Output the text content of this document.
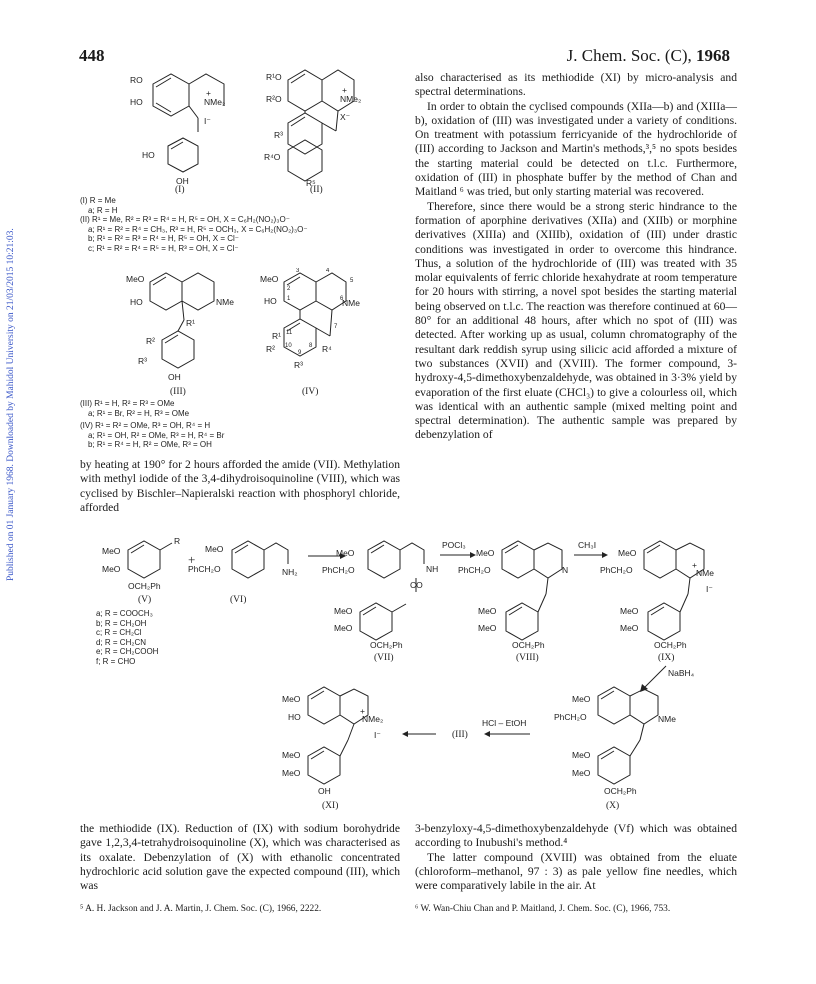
448	J. Chem. Soc. (C), 1968
Published on 01 January 1968. Downloaded by Mahidol University on 21/03/2015 10:21:03.
RO
HO	NMe₂
+
I⁻
HO
OH
(I)
R¹O
R²O	NMe₂
+
X⁻
R³
R⁴O
R⁵
(II)
(I) R = Me
a; R = H
(II) R¹ = Me, R² = R³ = R⁴ = H, R⁵ = OH, X = C₆H₂(NO₂)₃O⁻
a; R¹ = R² = R⁴ = CH₃, R³ = H, R⁵ = OCH₃, X = C₆H₂(NO₂)₃O⁻
b; R¹ = R² = R³ = R⁴ = H, R⁵ = OH, X = Cl⁻
c; R¹ = R² = R⁴ = R⁵ = H, R³ = OH, X = Cl⁻
MeO
HO	NMe
R¹
R²
R³
OH
(III)
MeO
HO	NMe
R¹
R²	R⁴
R³
3	4
5
6
7
2
1
11
10
9
8
(IV)
(III) R¹ = H, R² = R³ = OMe
a; R¹ = Br, R² = H, R³ = OMe
(IV) R¹ = R² = OMe, R³ = OH, R⁴ = H
a; R¹ = OH, R² = OMe, R³ = H, R⁴ = Br
b; R¹ = R⁴ = H, R² = OMe, R³ = OH

by heating at 190° for 2 hours afforded the amide (VII). Methylation with methyl iodide of the 3,4-dihydroisoquinoline (VIII), which was cyclised by Bischler–Napieralski reaction with phosphoryl chloride, afforded

also characterised as its methiodide (XI) by micro-analysis and spectral determinations.

In order to obtain the cyclised compounds (XIIa—b) and (XIIIa—b), oxidation of (III) was investigated under a variety of conditions. On treatment with potassium ferricyanide of the hydrochloride of (III) according to Jackson and Martin's methods,³,⁵ no spots besides the starting material could be detected on t.l.c. Furthermore, oxidation of (III) in phosphate buffer by the method of Chan and Maitland ⁶ was tried, but only starting material was recovered.

Therefore, since there would be a strong steric hindrance to the formation of aporphine derivatives (XIIa) and (XIIb) or morphine derivatives (XIIIa) and (XIIIb), oxidation of (III) under drastic conditions was investigated in order to overcome this hindrance. Thus, a solution of the hydrochloride of (III) was treated with 35 molar equivalents of ferric chloride hexahydrate at room temperature for 20 hours with stirring, a novel spot besides the starting material being observed on t.l.c. The reaction was therefore continued at 60—80° for an additional 48 hours, after which no spot of (III) was detected. After working up as usual, column chromatography of the resultant dark reddish syrup using silicic acid afforded a mixture of two substances (XVII) and (XVIII). The former compound, 3-hydroxy-4,5-dimethoxybenzaldehyde, was obtained in 3·3% yield by evaporation of the first eluate (CHCl₃) to give a colourless oil, which was identical with an authentic sample (mixed melting point and spectral determination). The authentic sample was prepared by debenzylation of

MeO
MeO
R
OCH₂Ph
(V)
+
MeO
PhCH₂O	NH₂
(VI)
MeO
PhCH₂O	NH
CO
MeO
MeO
OCH₂Ph
(VII)
POCl₃
MeO
PhCH₂O	N
MeO
MeO
OCH₂Ph
(VIII)
CH₃I
MeO
PhCH₂O	+
NMe
I⁻
MeO
MeO
OCH₂Ph
(IX)
NaBH₄
MeO
PhCH₂O	NMe
MeO
MeO
OCH₂Ph
(X)
HCl – EtOH
(III)
MeO
HO
+
NMe₂
I⁻
MeO
MeO
OH
(XI)
a; R = COOCH₃
b; R = CH₂OH
c; R = CH₂Cl
d; R = CH₂CN
e; R = CH₂COOH
f; R = CHO

the methiodide (IX). Reduction of (IX) with sodium borohydride gave 1,2,3,4-tetrahydroisoquinoline (X), which was characterised as its oxalate. Debenzylation of (X) with ethanolic concentrated hydrochloric acid solution gave the expected compound (III), which was

3-benzyloxy-4,5-dimethoxybenzaldehyde (Vf) which was obtained according to Inubushi's method.⁴

The latter compound (XVIII) was obtained from the eluate (chloroform–methanol, 97 : 3) as pale yellow fine needles, which were comparatively labile in the air. At

⁵ A. H. Jackson and J. A. Martin, J. Chem. Soc. (C), 1966, 2222.	⁶ W. Wan-Chiu Chan and P. Maitland, J. Chem. Soc. (C), 1966, 753.
